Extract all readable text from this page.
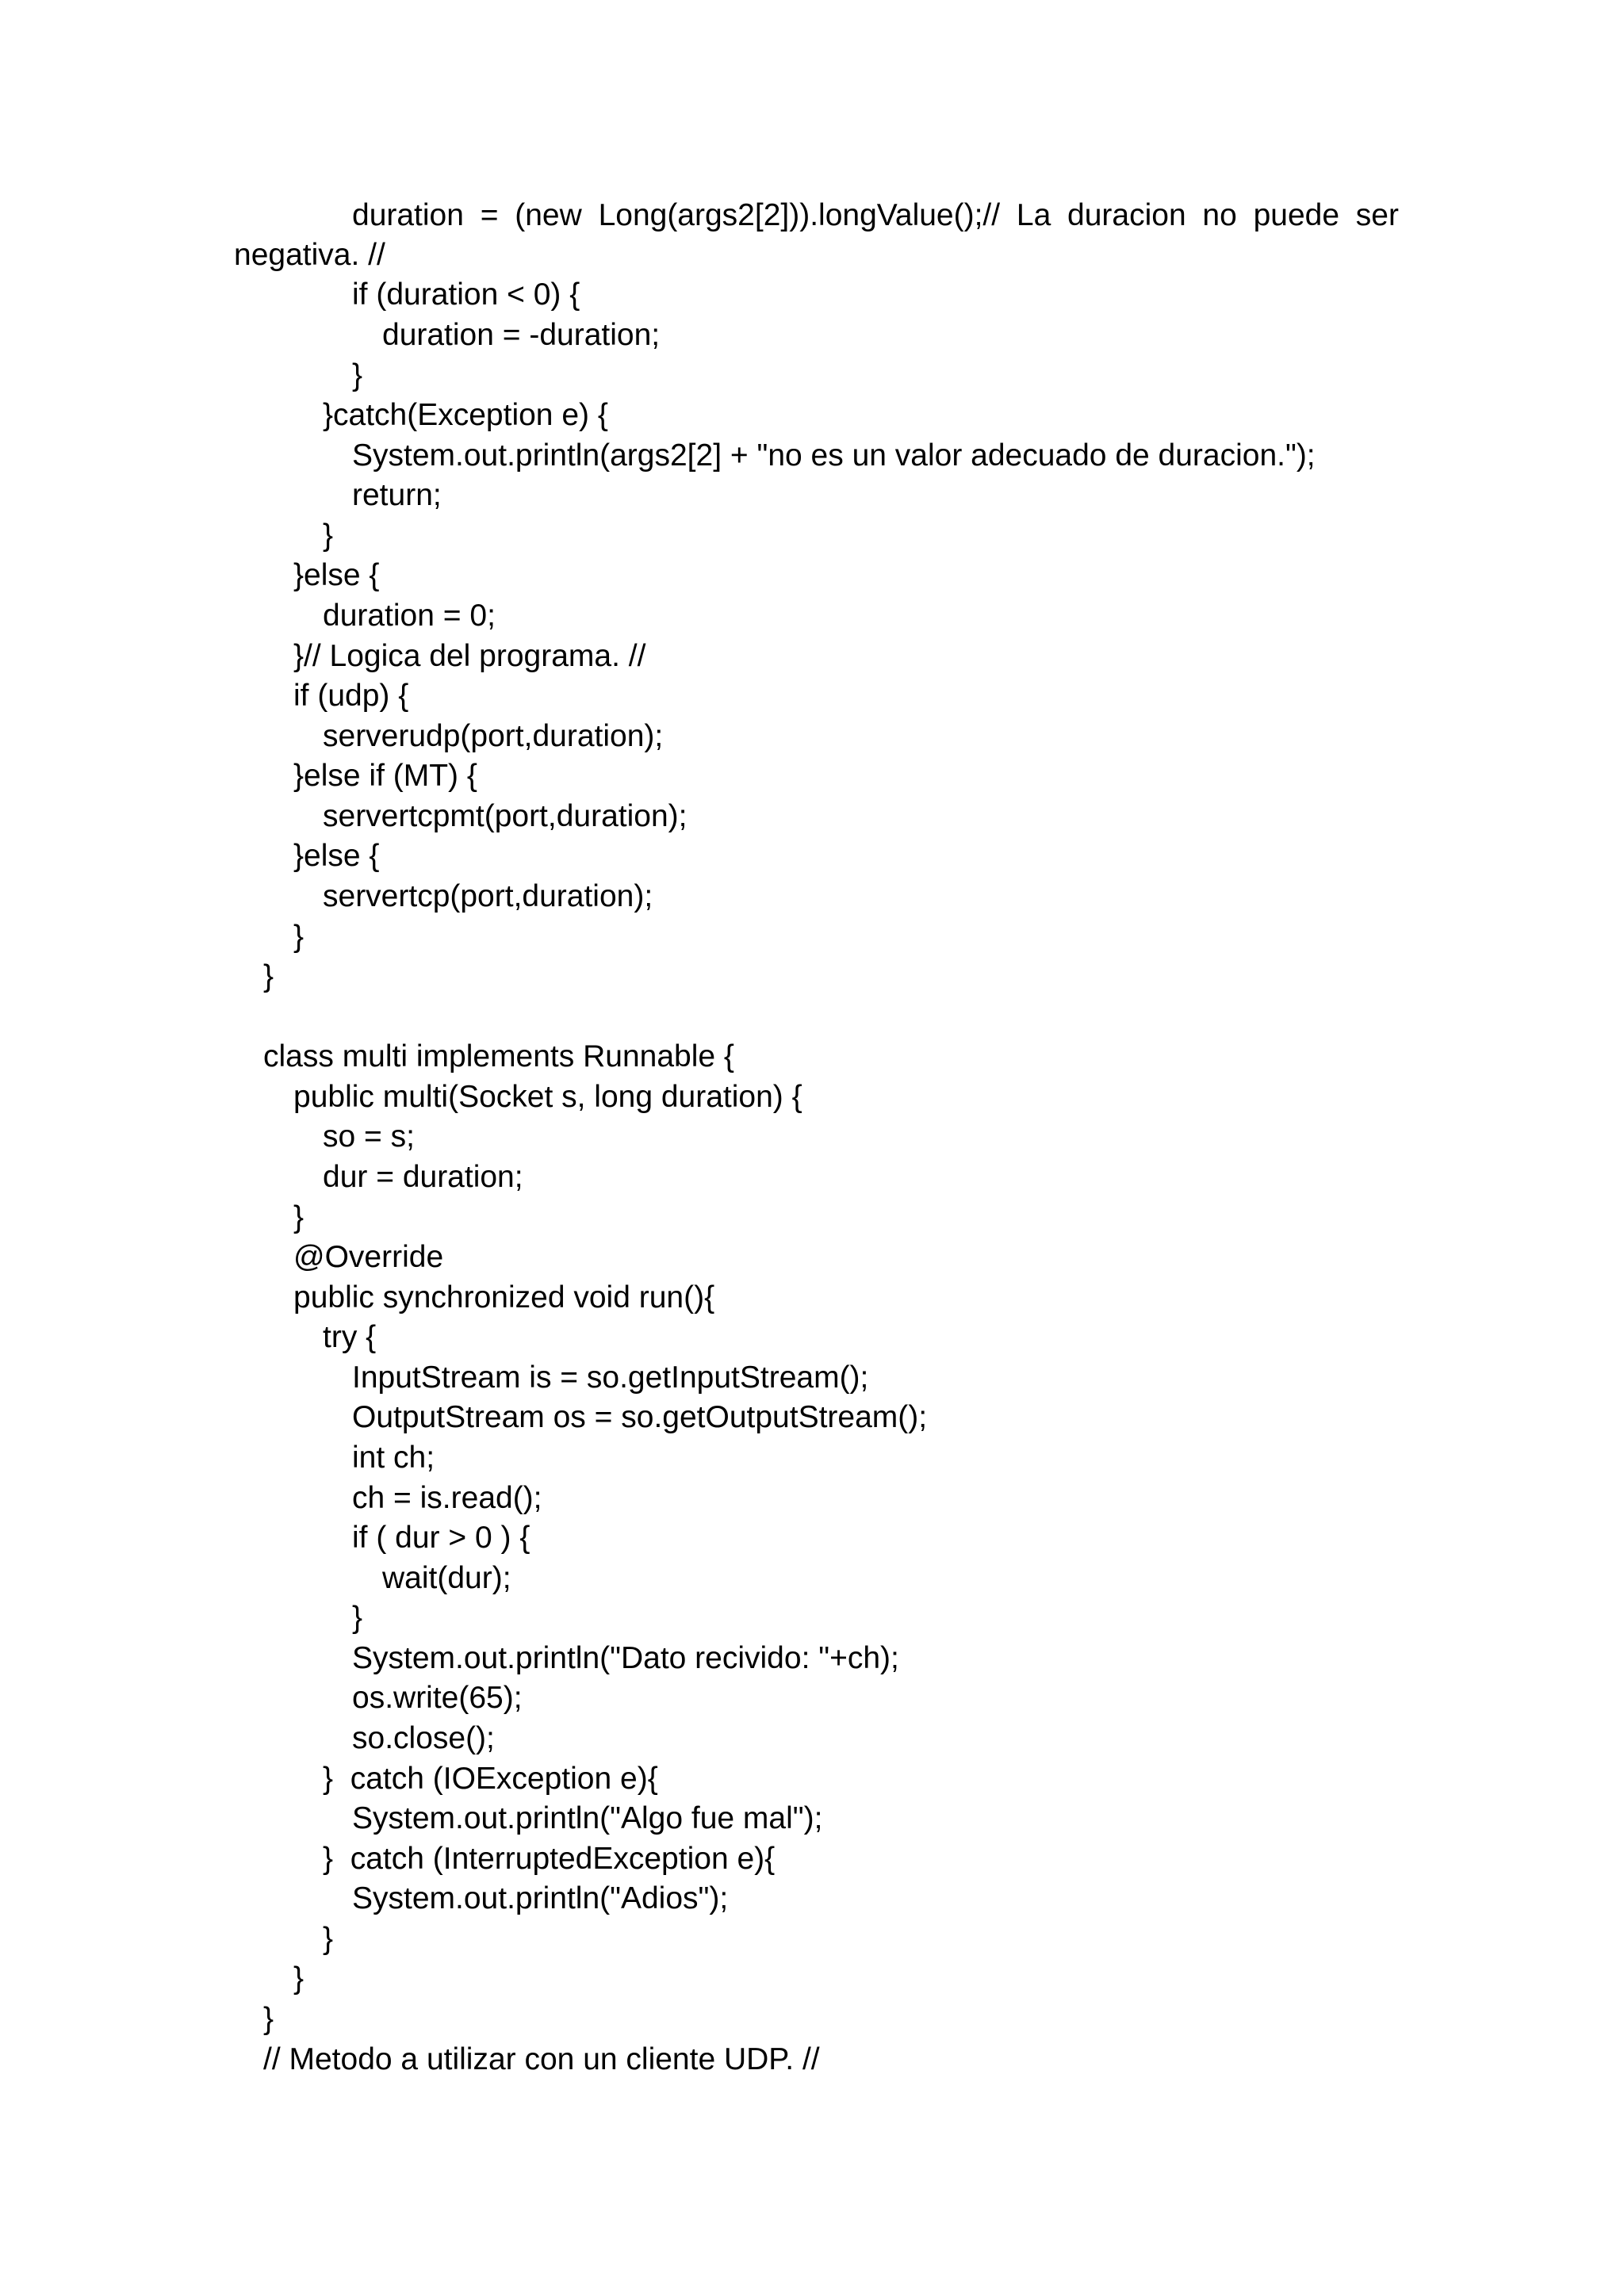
duration = (new Long(args2[2])).longValue();// La duracion no puede ser
negativa. //
if (duration < 0) {
duration = -duration;
}
}catch(Exception e) {
System.out.println(args2[2] + "no es un valor adecuado de duracion.");
return;
}
}else {
duration = 0;
}// Logica del programa. //
if (udp) {
serverudp(port,duration);
}else if (MT) {
servertcpmt(port,duration);
}else {
servertcp(port,duration);
}
}
class multi implements Runnable {
public multi(Socket s, long duration) {
so = s;
dur = duration;
}
@Override
public synchronized void run(){
try {
InputStream is = so.getInputStream();
OutputStream os = so.getOutputStream();
int ch;
ch = is.read();
if ( dur > 0 ) {
wait(dur);
}
System.out.println("Dato recivido: "+ch);
os.write(65);
so.close();
}  catch (IOException e){
System.out.println("Algo fue mal");
}  catch (InterruptedException e){
System.out.println("Adios");
}
}
}
// Metodo a utilizar con un cliente UDP. //
